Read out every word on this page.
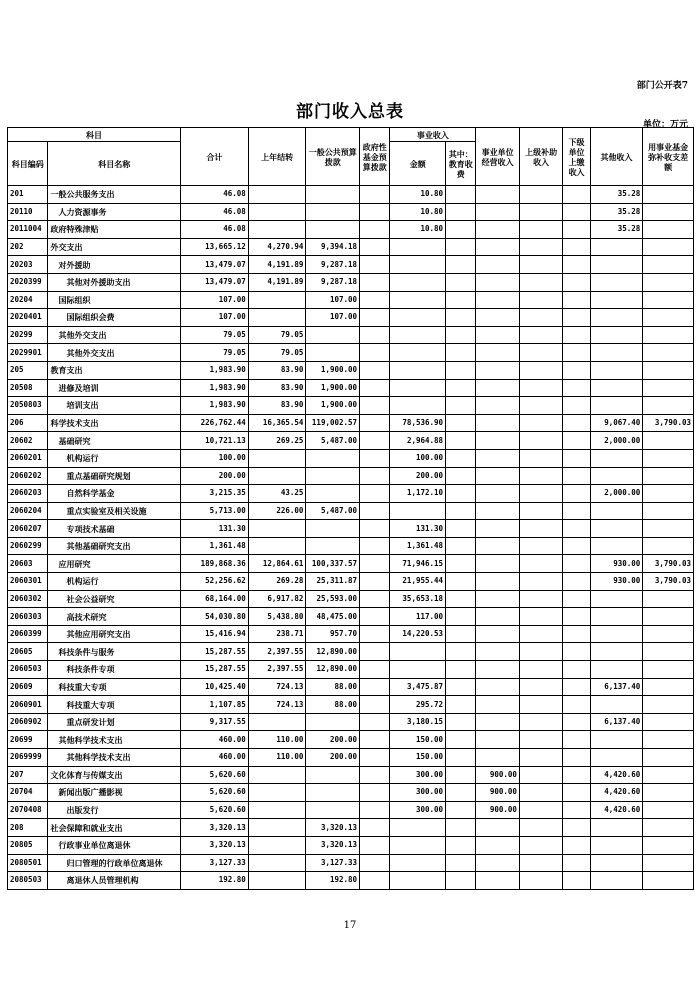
部门公开表7
部门收入总表
单位：万元
科目		合计	上年结转	一般公共预算拨款	政府性基金预算拨款	事业收入		事业单位经营收入	上级补助收入	下级单位上缴收入	其他收入	用事业基金弥补收支差额
科目编码	科目名称					金额	其中：教育收费					

201	一般公共服务支出	46.08				10.80					35.28	
20110	人力资源事务	46.08				10.80					35.28	
2011004	政府特殊津贴	46.08				10.80					35.28	
202	外交支出	13,665.12	4,270.94	9,394.18								
20203	对外援助	13,479.07	4,191.89	9,287.18								
2020399	其他对外援助支出	13,479.07	4,191.89	9,287.18								
20204	国际组织	107.00		107.00								
2020401	国际组织会费	107.00		107.00								
20299	其他外交支出	79.05	79.05									
2029901	其他外交支出	79.05	79.05									
205	教育支出	1,983.90	83.90	1,900.00								
20508	进修及培训	1,983.90	83.90	1,900.00								
2050803	培训支出	1,983.90	83.90	1,900.00								
206	科学技术支出	226,762.44	16,365.54	119,002.57		78,536.90					9,067.40	3,790.03
20602	基础研究	10,721.13	269.25	5,487.00		2,964.88					2,000.00	
2060201	机构运行	100.00				100.00						
2060202	重点基础研究规划	200.00				200.00						
2060203	自然科学基金	3,215.35	43.25			1,172.10					2,000.00	
2060204	重点实验室及相关设施	5,713.00	226.00	5,487.00								
2060207	专项技术基础	131.30				131.30						
2060299	其他基础研究支出	1,361.48				1,361.48						
20603	应用研究	189,868.36	12,864.61	100,337.57		71,946.15					930.00	3,790.03
2060301	机构运行	52,256.62	269.28	25,311.87		21,955.44					930.00	3,790.03
2060302	社会公益研究	68,164.00	6,917.82	25,593.00		35,653.18						
2060303	高技术研究	54,030.80	5,438.80	48,475.00		117.00						
2060399	其他应用研究支出	15,416.94	238.71	957.70		14,220.53						
20605	科技条件与服务	15,287.55	2,397.55	12,890.00								
2060503	科技条件专项	15,287.55	2,397.55	12,890.00								
20609	科技重大专项	10,425.40	724.13	88.00		3,475.87					6,137.40	
2060901	科技重大专项	1,107.85	724.13	88.00		295.72						
2060902	重点研发计划	9,317.55				3,180.15					6,137.40	
20699	其他科学技术支出	460.00	110.00	200.00		150.00						
2069999	其他科学技术支出	460.00	110.00	200.00		150.00						
207	文化体育与传媒支出	5,620.60				300.00		900.00			4,420.60	
20704	新闻出版广播影视	5,620.60				300.00		900.00			4,420.60	
2070408	出版发行	5,620.60				300.00		900.00			4,420.60	
208	社会保障和就业支出	3,320.13		3,320.13								
20805	行政事业单位离退休	3,320.13		3,320.13								
2080501	归口管理的行政单位离退休	3,127.33		3,127.33								
2080503	离退休人员管理机构	192.80		192.80								
17
